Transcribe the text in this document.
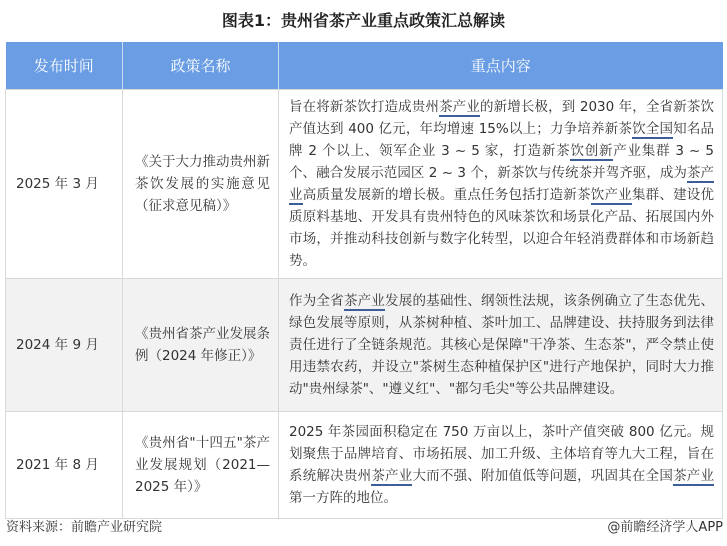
图表1：贵州省茶产业重点政策汇总解读
发布时间	政策名称	重点内容
2025 年 3 月	《关于大力推动贵州新茶饮发展的实施意见（征求意见稿）》	旨在将新茶饮打造成贵州茶产业的新增长极，到 2030 年，全省新茶饮产值达到 400 亿元，年均增速 15%以上；力争培养新茶饮全国知名品牌 2 个以上、领军企业 3 ~ 5 家，打造新茶饮创新产业集群 3 ~ 5 个、融合发展示范园区 2 ~ 3 个，新茶饮与传统茶并驾齐驱，成为茶产业高质量发展新的增长极。重点任务包括打造新茶饮产业集群、建设优质原料基地、开发具有贵州特色的风味茶饮和场景化产品、拓展国内外市场，并推动科技创新与数字化转型，以迎合年轻消费群体和市场新趋势。
2024 年 9 月	《贵州省茶产业发展条例（2024 年修正）》	作为全省茶产业发展的基础性、纲领性法规，该条例确立了生态优先、绿色发展等原则，从茶树种植、茶叶加工、品牌建设、扶持服务到法律责任进行了全链条规范。其核心是保障"干净茶、生态茶"，严令禁止使用违禁农药，并设立"茶树生态种植保护区"进行产地保护，同时大力推动"贵州绿茶"、"遵义红"、"都匀毛尖"等公共品牌建设。
2021 年 8 月	《贵州省"十四五"茶产业发展规划（2021—2025 年）》	2025 年茶园面积稳定在 750 万亩以上，茶叶产值突破 800 亿元。规划聚焦于品牌培育、市场拓展、加工升级、主体培育等九大工程，旨在系统解决贵州茶产业大而不强、附加值低等问题，巩固其在全国茶产业第一方阵的地位。
资料来源：前瞻产业研究院	@前瞻经济学人APP
